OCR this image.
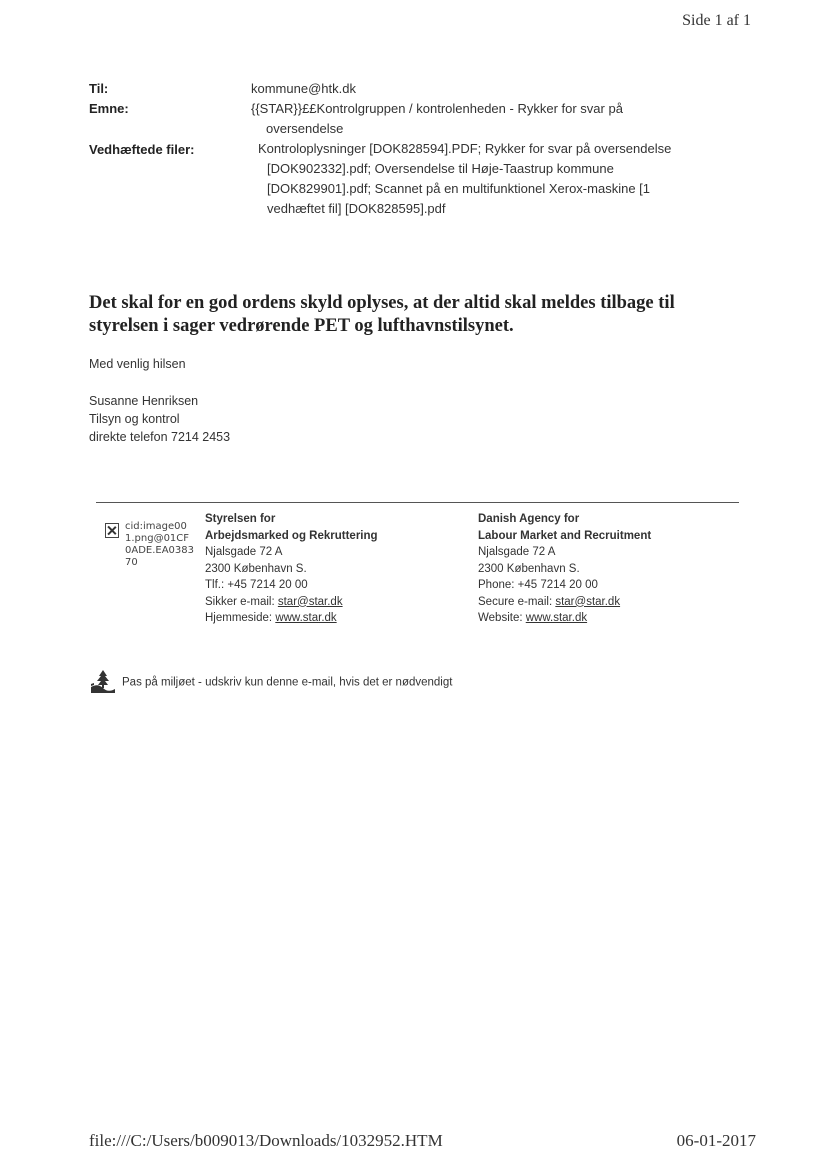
Side 1 af 1
Til:	kommune@htk.dk
Emne:	{{STAR}}££Kontrolgruppen / kontrolenheden - Rykker for svar på
oversendelse
Vedhæftede filer:	Kontroloplysninger [DOK828594].PDF; Rykker for svar på oversendelse
[DOK902332].pdf; Oversendelse til Høje-Taastrup kommune
[DOK829901].pdf; Scannet på en multifunktionel Xerox-maskine [1
vedhæftet fil] [DOK828595].pdf
Det skal for en god ordens skyld oplyses, at der altid skal meldes tilbage til
styrelsen i sager vedrørende PET og lufthavnstilsynet.
Med venlig hilsen
Susanne Henriksen
Tilsyn og kontrol
direkte telefon 7214 2453
cid:image001.png@01CF0ADE.EA038370
Styrelsen for
Arbejdsmarked og Rekruttering
Njalsgade 72 A
2300 København S.
Tlf.: +45 7214 20 00
Sikker e-mail: star@star.dk
Hjemmeside: www.star.dk
Danish Agency for
Labour Market and Recruitment
Njalsgade 72 A
2300 København S.
Phone: +45 7214 20 00
Secure e-mail: star@star.dk
Website: www.star.dk
Pas på miljøet - udskriv kun denne e-mail, hvis det er nødvendigt
file:///C:/Users/b009013/Downloads/1032952.HTM	06-01-2017
